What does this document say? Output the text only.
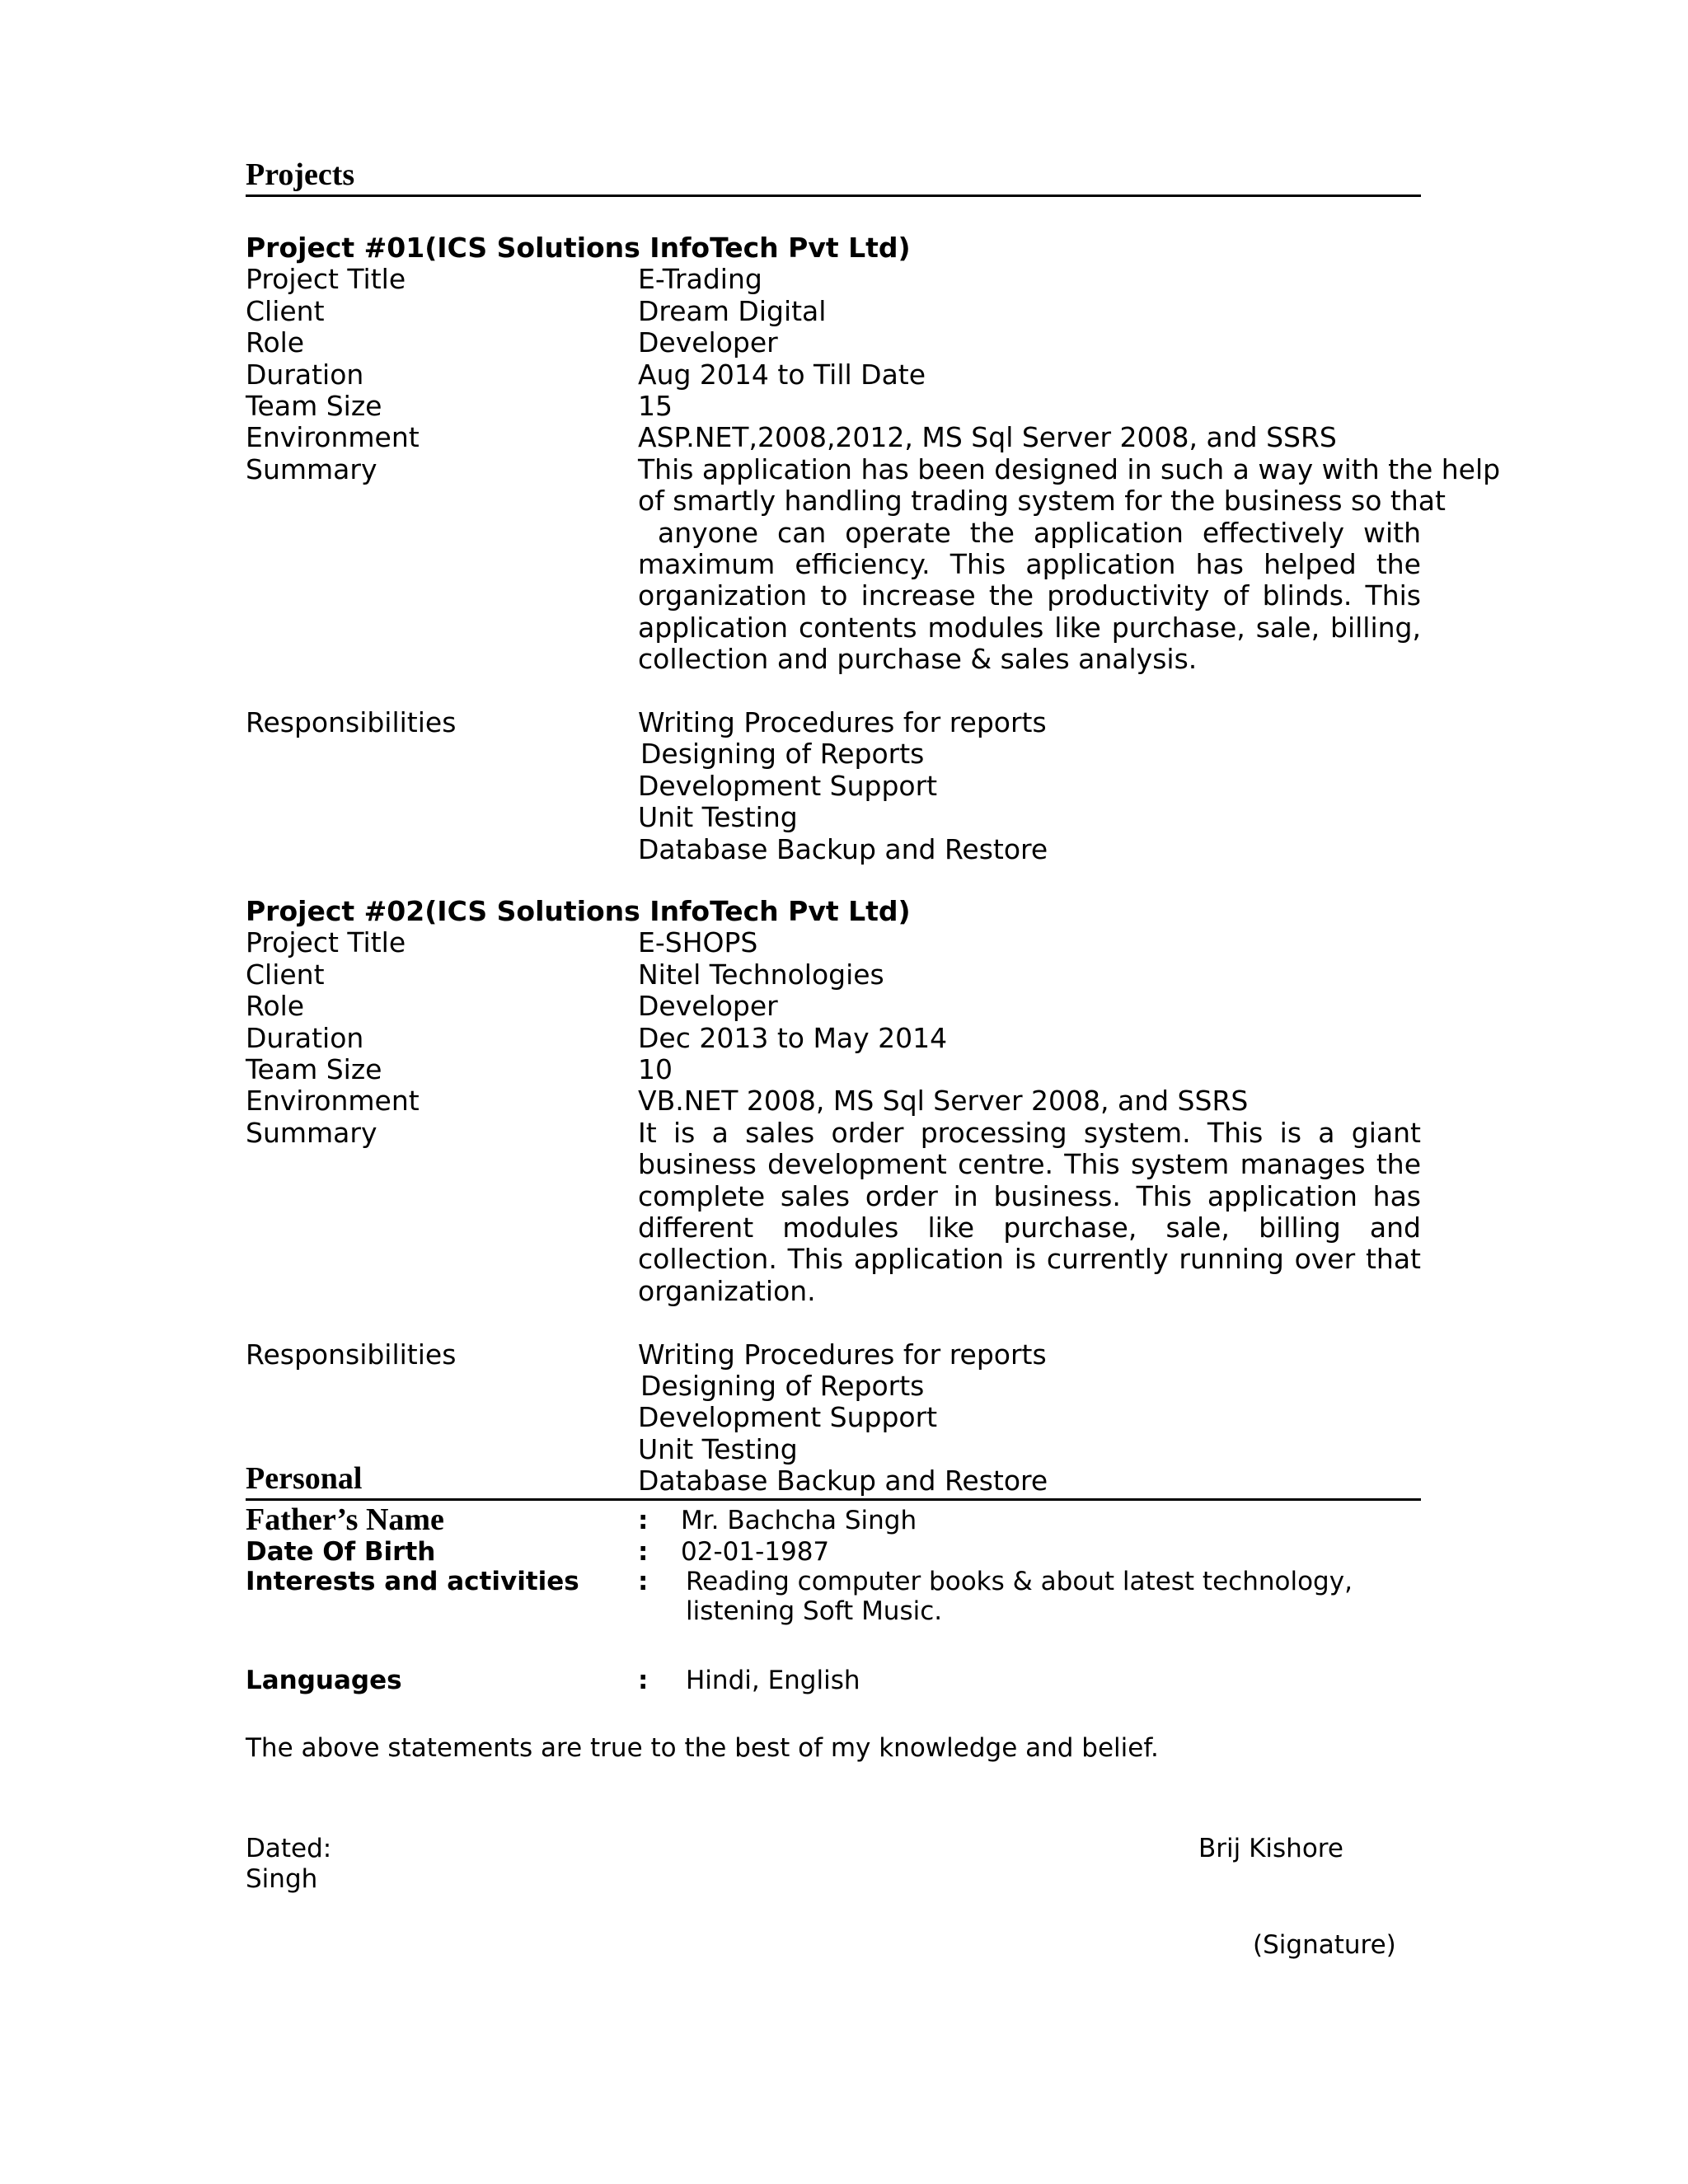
Projects
Project #01(ICS Solutions InfoTech Pvt Ltd)
Project Title	E-Trading
Client	Dream Digital
Role	Developer
Duration	Aug 2014 to Till Date
Team Size	15
Environment	ASP.NET,2008,2012, MS Sql Server 2008, and SSRS
Summary	This application has been designed in such a way with the help
of smartly handling trading system for the business so that
anyone can operate the application effectively with maximum efficiency. This application has helped the organization to increase the productivity of blinds. This application contents modules like purchase, sale, billing, collection and purchase & sales analysis.
Responsibilities	Writing Procedures for reports
Designing of Reports
Development Support
Unit Testing
Database Backup and Restore
Project #02(ICS Solutions InfoTech Pvt Ltd)
Project Title	E-SHOPS
Client	Nitel Technologies
Role	Developer
Duration	Dec 2013 to May 2014
Team Size	10
Environment	VB.NET 2008, MS Sql Server 2008, and SSRS
Summary	It is a sales order processing system. This is a giant business development centre. This system manages the complete sales order in business. This application has different modules like purchase, sale, billing and collection. This application is currently running over that organization.
Responsibilities	Writing Procedures for reports
Designing of Reports
Development Support
Unit Testing
Database Backup and Restore
Personal
Father’s Name	:	Mr. Bachcha Singh
Date Of Birth	:	02-01-1987
Interests and activities	:	Reading computer books & about latest technology,
listening Soft Music.
Languages	:	Hindi, English
The above statements are true to the best of my knowledge and belief.
Dated:	Brij Kishore
Singh
(Signature)
